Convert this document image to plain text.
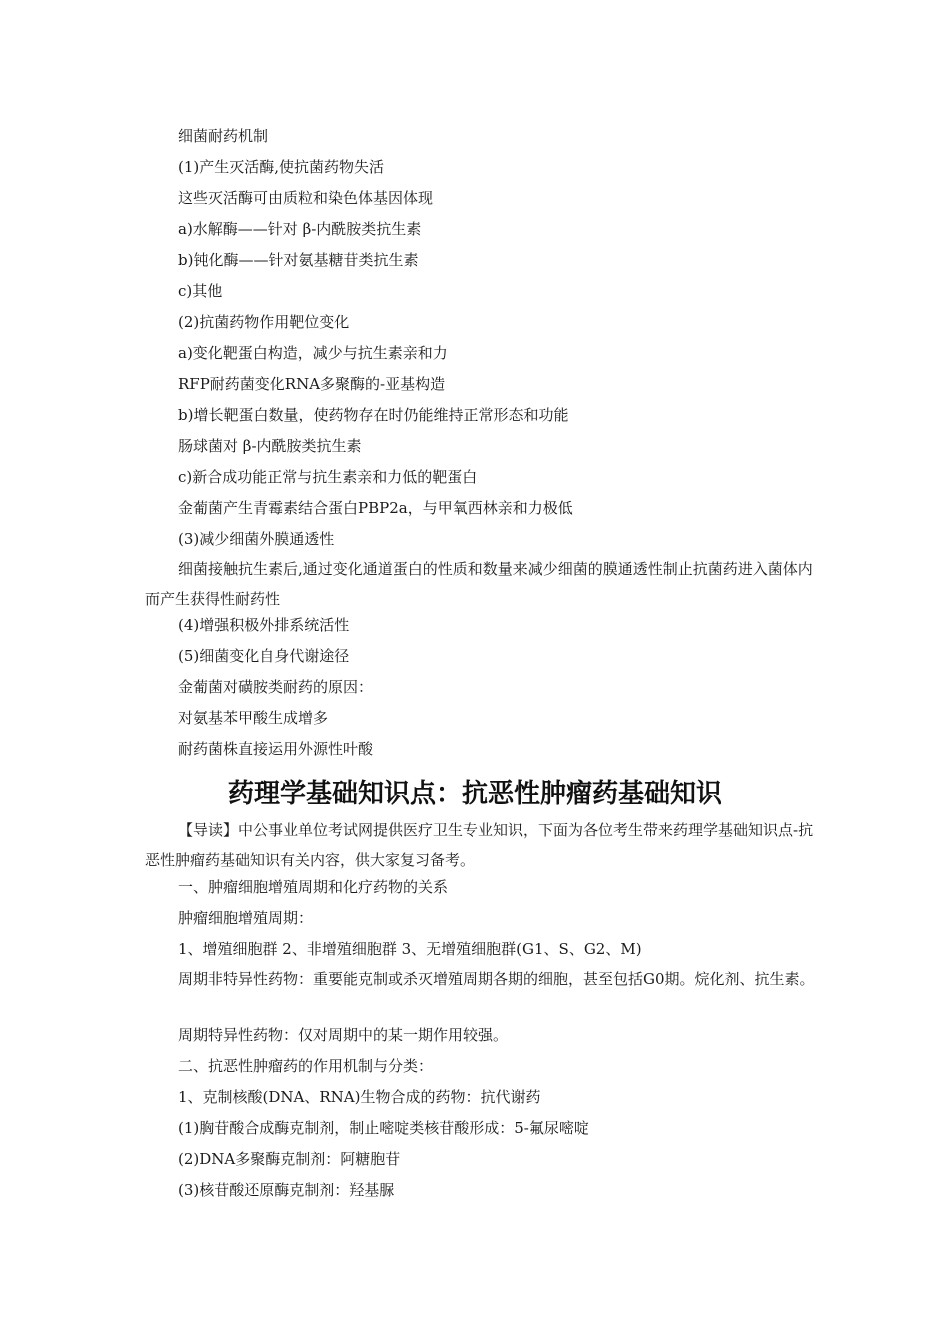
细菌耐药机制
(1)产生灭活酶,使抗菌药物失活
这些灭活酶可由质粒和染色体基因体现
a)水解酶——针对 β-内酰胺类抗生素
b)钝化酶——针对氨基糖苷类抗生素
c)其他
(2)抗菌药物作用靶位变化
a)变化靶蛋白构造，减少与抗生素亲和力
RFP耐药菌变化RNA多聚酶的-亚基构造
b)增长靶蛋白数量，使药物存在时仍能维持正常形态和功能
肠球菌对 β-内酰胺类抗生素
c)新合成功能正常与抗生素亲和力低的靶蛋白
金葡菌产生青霉素结合蛋白PBP2a，与甲氧西林亲和力极低
(3)减少细菌外膜通透性
细菌接触抗生素后,通过变化通道蛋白的性质和数量来减少细菌的膜通透性制止抗菌药进入菌体内而产生获得性耐药性
(4)增强积极外排系统活性
(5)细菌变化自身代谢途径
金葡菌对磺胺类耐药的原因：
对氨基苯甲酸生成增多
耐药菌株直接运用外源性叶酸
药理学基础知识点：抗恶性肿瘤药基础知识
【导读】中公事业单位考试网提供医疗卫生专业知识，下面为各位考生带来药理学基础知识点-抗恶性肿瘤药基础知识有关内容，供大家复习备考。
一、肿瘤细胞增殖周期和化疗药物的关系
肿瘤细胞增殖周期：
1、增殖细胞群 2、非增殖细胞群 3、无增殖细胞群(G1、S、G2、M)
周期非特异性药物：重要能克制或杀灭增殖周期各期的细胞，甚至包括G0期。烷化剂、抗生素。
周期特异性药物：仅对周期中的某一期作用较强。
二、抗恶性肿瘤药的作用机制与分类：
1、克制核酸(DNA、RNA)生物合成的药物：抗代谢药
(1)胸苷酸合成酶克制剂，制止嘧啶类核苷酸形成：5-氟尿嘧啶
(2)DNA多聚酶克制剂：阿糖胞苷
(3)核苷酸还原酶克制剂：羟基脲
